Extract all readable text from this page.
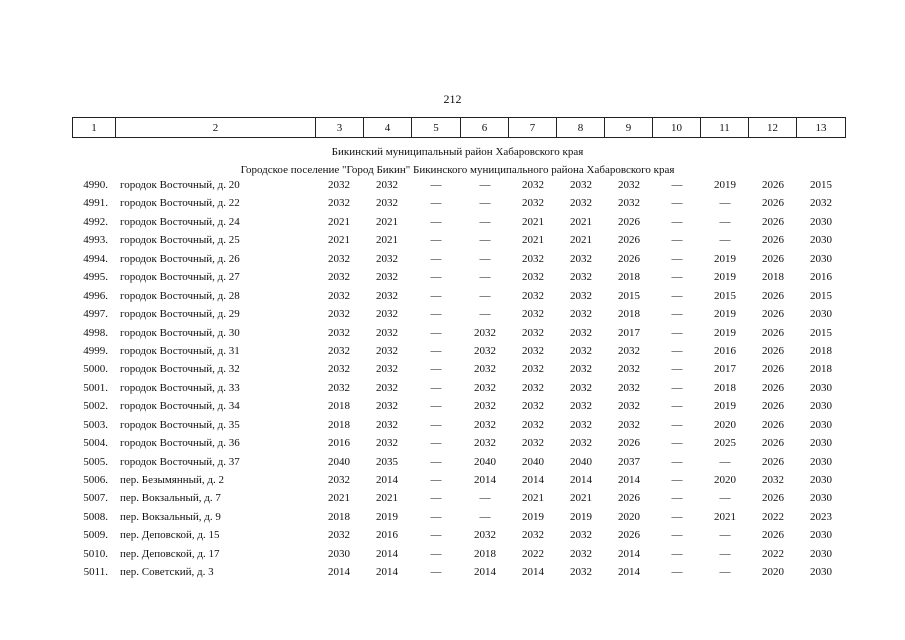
212
1	2	3	4	5	6	7	8	9	10	11	12	13
Бикинский муниципальный район Хабаровского края
Городское поселение "Город Бикин" Бикинского муниципального района Хабаровского края
4990. городок Восточный, д. 20	2032	2032	—	—	2032	2032	2032	—	2019	2026	2015
4991. городок Восточный, д. 22	2032	2032	—	—	2032	2032	2032	—	—	2026	2032
4992. городок Восточный, д. 24	2021	2021	—	—	2021	2021	2026	—	—	2026	2030
4993. городок Восточный, д. 25	2021	2021	—	—	2021	2021	2026	—	—	2026	2030
4994. городок Восточный, д. 26	2032	2032	—	—	2032	2032	2026	—	2019	2026	2030
4995. городок Восточный, д. 27	2032	2032	—	—	2032	2032	2018	—	2019	2018	2016
4996. городок Восточный, д. 28	2032	2032	—	—	2032	2032	2015	—	2015	2026	2015
4997. городок Восточный, д. 29	2032	2032	—	—	2032	2032	2018	—	2019	2026	2030
4998. городок Восточный, д. 30	2032	2032	—	2032	2032	2032	2017	—	2019	2026	2015
4999. городок Восточный, д. 31	2032	2032	—	2032	2032	2032	2032	—	2016	2026	2018
5000. городок Восточный, д. 32	2032	2032	—	2032	2032	2032	2032	—	2017	2026	2018
5001. городок Восточный, д. 33	2032	2032	—	2032	2032	2032	2032	—	2018	2026	2030
5002. городок Восточный, д. 34	2018	2032	—	2032	2032	2032	2032	—	2019	2026	2030
5003. городок Восточный, д. 35	2018	2032	—	2032	2032	2032	2032	—	2020	2026	2030
5004. городок Восточный, д. 36	2016	2032	—	2032	2032	2032	2026	—	2025	2026	2030
5005. городок Восточный, д. 37	2040	2035	—	2040	2040	2040	2037	—	—	2026	2030
5006. пер. Безымянный, д. 2	2032	2014	—	2014	2014	2014	2014	—	2020	2032	2030
5007. пер. Вокзальный, д. 7	2021	2021	—	—	2021	2021	2026	—	—	2026	2030
5008. пер. Вокзальный, д. 9	2018	2019	—	—	2019	2019	2020	—	2021	2022	2023
5009. пер. Деповской, д. 15	2032	2016	—	2032	2032	2032	2026	—	—	2026	2030
5010. пер. Деповской, д. 17	2030	2014	—	2018	2022	2032	2014	—	—	2022	2030
5011. пер. Советский, д. 3	2014	2014	—	2014	2014	2032	2014	—	—	2020	2030
